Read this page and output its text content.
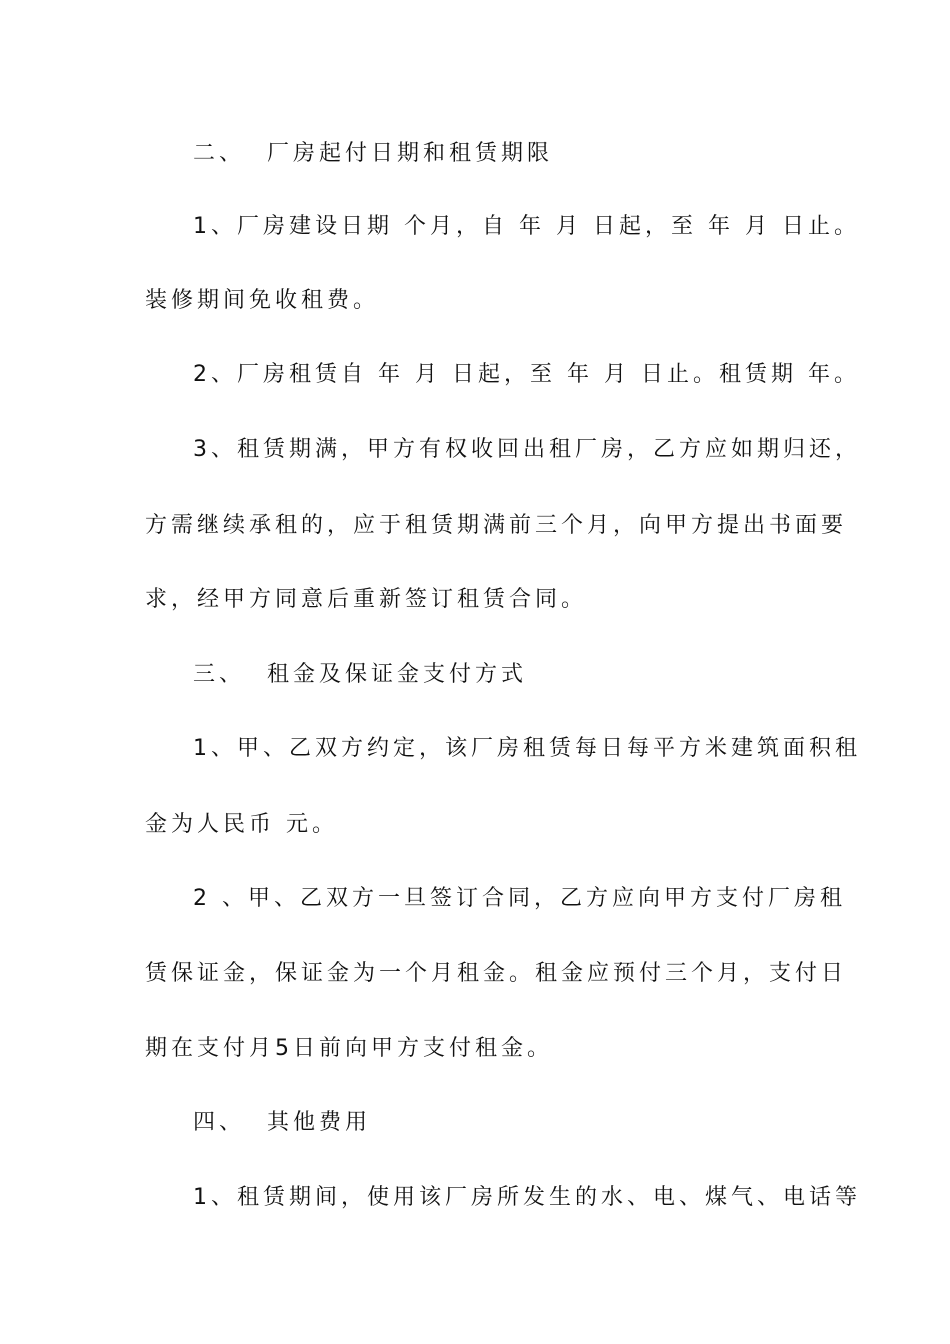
二、  厂房起付日期和租赁期限
1、厂房建设日期 个月，自 年 月 日起，至 年 月 日止。
装修期间免收租费。
2、厂房租赁自 年 月 日起，至 年 月 日止。租赁期 年。
3、租赁期满，甲方有权收回出租厂房，乙方应如期归还，
方需继续承租的，应于租赁期满前三个月，向甲方提出书面要
求，经甲方同意后重新签订租赁合同。
三、  租金及保证金支付方式
1、甲、乙双方约定，该厂房租赁每日每平方米建筑面积租
金为人民币 元。
2 、甲、乙双方一旦签订合同，乙方应向甲方支付厂房租
赁保证金，保证金为一个月租金。租金应预付三个月，支付日
期在支付月5日前向甲方支付租金。
四、  其他费用
1、租赁期间，使用该厂房所发生的水、电、煤气、电话等
